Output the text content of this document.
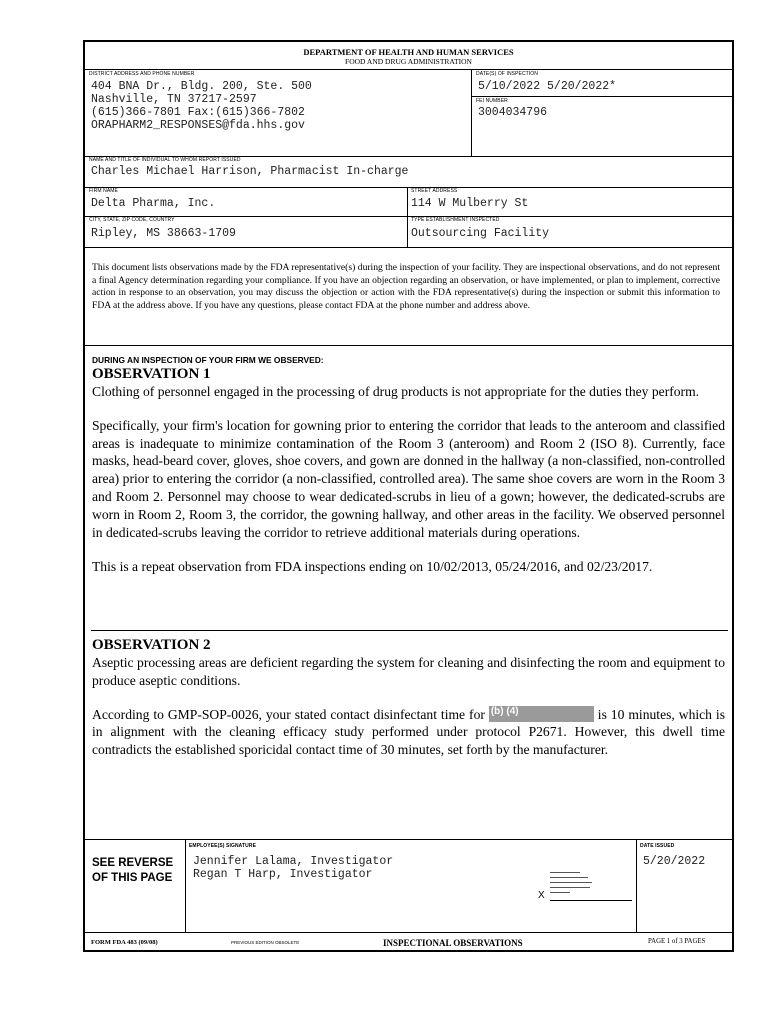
DEPARTMENT OF HEALTH AND HUMAN SERVICES
FOOD AND DRUG ADMINISTRATION
DISTRICT ADDRESS AND PHONE NUMBER
404 BNA Dr., Bldg. 200, Ste. 500
Nashville, TN 37217-2597
(615)366-7801 Fax:(615)366-7802
ORAPHARM2_RESPONSES@fda.hhs.gov
DATE(S) OF INSPECTION
5/10/2022 5/20/2022*
FEI NUMBER
3004034796
NAME AND TITLE OF INDIVIDUAL TO WHOM REPORT ISSUED
Charles Michael Harrison, Pharmacist In-charge
FIRM NAME
Delta Pharma, Inc.
STREET ADDRESS
114 W Mulberry St
CITY, STATE, ZIP CODE, COUNTRY
Ripley, MS 38663-1709
TYPE ESTABLISHMENT INSPECTED
Outsourcing Facility
This document lists observations made by the FDA representative(s) during the inspection of your facility. They are inspectional observations, and do not represent a final Agency determination regarding your compliance. If you have an objection regarding an observation, or have implemented, or plan to implement, corrective action in response to an observation, you may discuss the objection or action with the FDA representative(s) during the inspection or submit this information to FDA at the address above. If you have any questions, please contact FDA at the phone number and address above.
DURING AN INSPECTION OF YOUR FIRM WE OBSERVED:
OBSERVATION 1
Clothing of personnel engaged in the processing of drug products is not appropriate for the duties they perform.
Specifically, your firm's location for gowning prior to entering the corridor that leads to the anteroom and classified areas is inadequate to minimize contamination of the Room 3 (anteroom) and Room 2 (ISO 8). Currently, face masks, head-beard cover, gloves, shoe covers, and gown are donned in the hallway (a non-classified, non-controlled area) prior to entering the corridor (a non-classified, controlled area). The same shoe covers are worn in the Room 3 and Room 2. Personnel may choose to wear dedicated-scrubs in lieu of a gown; however, the dedicated-scrubs are worn in Room 2, Room 3, the corridor, the gowning hallway, and other areas in the facility. We observed personnel in dedicated-scrubs leaving the corridor to retrieve additional materials during operations.
This is a repeat observation from FDA inspections ending on 10/02/2013, 05/24/2016, and 02/23/2017.
OBSERVATION 2
Aseptic processing areas are deficient regarding the system for cleaning and disinfecting the room and equipment to produce aseptic conditions.
According to GMP-SOP-0026, your stated contact disinfectant time for (b) (4)	is 10 minutes, which is in alignment with the cleaning efficacy study performed under protocol P2671. However, this dwell time contradicts the established sporicidal contact time of 30 minutes, set forth by the manufacturer.
SEE REVERSE
OF THIS PAGE
EMPLOYEE(S) SIGNATURE
Jennifer Lalama, Investigator
Regan T Harp, Investigator
X
DATE ISSUED
5/20/2022
FORM FDA 483 (09/08)	PREVIOUS EDITION OBSOLETE	INSPECTIONAL OBSERVATIONS	PAGE 1 of 3 PAGES
